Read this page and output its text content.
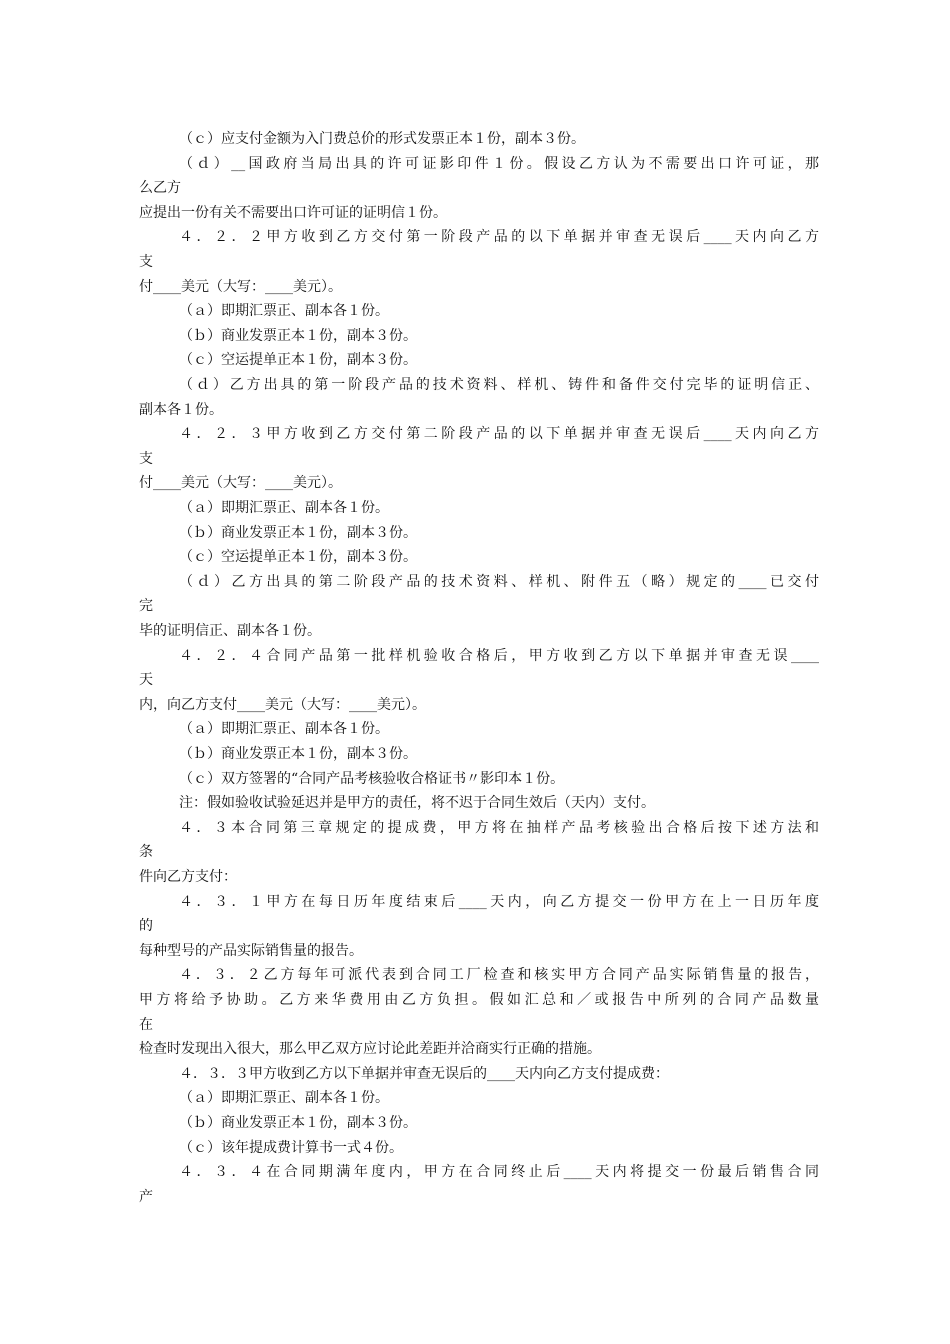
（ｃ）应支付金额为入门费总价的形式发票正本１份，副本３份。
（ｄ）__国政府当局出具的许可证影印件１份。假设乙方认为不需要出口许可证，那
么乙方
应提出一份有关不需要出口许可证的证明信１份。
４．２．２甲方收到乙方交付第一阶段产品的以下单据并审查无误后____天内向乙方
支
付____美元（大写：____美元）。
（ａ）即期汇票正、副本各１份。
（ｂ）商业发票正本１份，副本３份。
（ｃ）空运提单正本１份，副本３份。
（ｄ）乙方出具的第一阶段产品的技术资料、样机、铸件和备件交付完毕的证明信正、
副本各１份。
４．２．３甲方收到乙方交付第二阶段产品的以下单据并审查无误后____天内向乙方
支
付____美元（大写：____美元）。
（ａ）即期汇票正、副本各１份。
（ｂ）商业发票正本１份，副本３份。
（ｃ）空运提单正本１份，副本３份。
（ｄ）乙方出具的第二阶段产品的技术资料、样机、附件五（略）规定的____已交付
完
毕的证明信正、副本各１份。
４．２．４合同产品第一批样机验收合格后，甲方收到乙方以下单据并审查无误____
天
内，向乙方支付____美元（大写：____美元）。
（ａ）即期汇票正、副本各１份。
（ｂ）商业发票正本１份，副本３份。
（ｃ）双方签署的“合同产品考核验收合格证书〃影印本１份。
注：假如验收试验延迟并是甲方的责任，将不迟于合同生效后（天内）支付。
４．３本合同第三章规定的提成费，甲方将在抽样产品考核验出合格后按下述方法和
条
件向乙方支付：
４．３．１甲方在每日历年度结束后____天内，向乙方提交一份甲方在上一日历年度
的
每种型号的产品实际销售量的报告。
４．３．２乙方每年可派代表到合同工厂检查和核实甲方合同产品实际销售量的报告，
甲方将给予协助。乙方来华费用由乙方负担。假如汇总和／或报告中所列的合同产品数量
在
检查时发现出入很大，那么甲乙双方应讨论此差距并洽商实行正确的措施。
４．３．３甲方收到乙方以下单据并审查无误后的____天内向乙方支付提成费：
（ａ）即期汇票正、副本各１份。
（ｂ）商业发票正本１份，副本３份。
（ｃ）该年提成费计算书一式４份。
４．３．４在合同期满年度内，甲方在合同终止后____天内将提交一份最后销售合同
产
